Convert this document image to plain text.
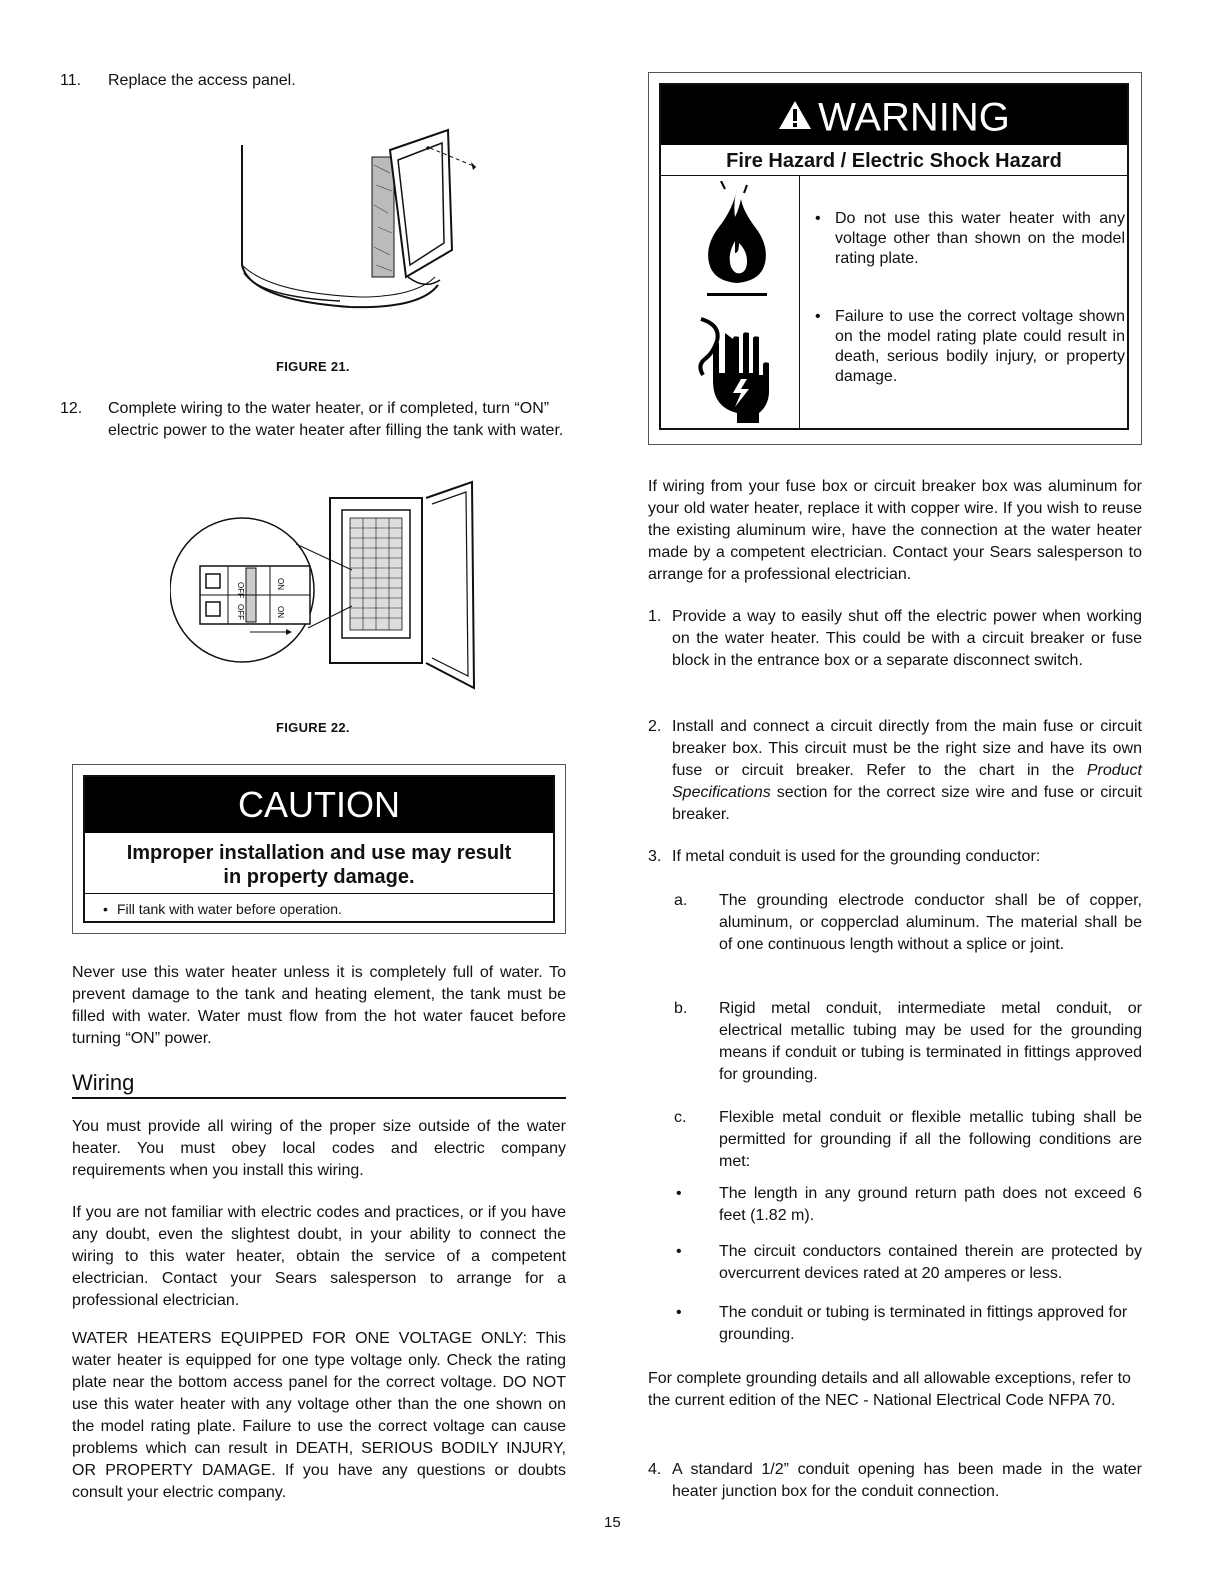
11. Replace the access panel.
FIGURE 21.
12. Complete wiring to the water heater, or if completed, turn “ON” electric power to the water heater after filling the tank with water.
OFF
OFF
ON
ON
FIGURE 22.
CAUTION
Improper installation and use may result
in property damage.
• Fill tank with water before operation.

Never use this water heater unless it is completely full of water. To prevent damage to the tank and heating element, the tank must be filled with water. Water must flow from the hot water faucet before turning “ON” power.

Wiring

You must provide all wiring of the proper size outside of the water heater. You must obey local codes and electric company requirements when you install this wiring.

If you are not familiar with electric codes and practices, or if you have any doubt, even the slightest doubt, in your ability to connect the wiring to this water heater, obtain the service of a competent electrician. Contact your Sears salesperson to arrange for a professional electrician.

WATER HEATERS EQUIPPED FOR ONE VOLTAGE ONLY: This water heater is equipped for one type voltage only. Check the rating plate near the bottom access panel for the correct voltage. DO NOT use this water heater with any voltage other than the one shown on the model rating plate. Failure to use the correct voltage can cause problems which can result in DEATH, SERIOUS BODILY INJURY, OR PROPERTY DAMAGE. If you have any questions or doubts consult your electric company.

WARNING
Fire Hazard / Electric Shock Hazard
• Do not use this water heater with any voltage other than shown on the model rating plate.

• Failure to use the correct voltage shown on the model rating plate could result in death, serious bodily injury, or property damage.

If wiring from your fuse box or circuit breaker box was aluminum for your old water heater, replace it with copper wire. If you wish to reuse the existing aluminum wire, have the connection at the water heater made by a competent electrician. Contact your Sears salesperson to arrange for a professional electrician.

1. Provide a way to easily shut off the electric power when working on the water heater. This could be with a circuit breaker or fuse block in the entrance box or a separate disconnect switch.
2. Install and connect a circuit directly from the main fuse or circuit breaker box. This circuit must be the right size and have its own fuse or circuit breaker. Refer to the chart in the Product Specifications section for the correct size wire and fuse or circuit breaker.
3. If metal conduit is used for the grounding conductor:
a. The grounding electrode conductor shall be of copper, aluminum, or copperclad aluminum. The material shall be of one continuous length without a splice or joint.
b. Rigid metal conduit, intermediate metal conduit, or electrical metallic tubing may be used for the grounding means if conduit or tubing is terminated in fittings approved for grounding.
c. Flexible metal conduit or flexible metallic tubing shall be permitted for grounding if all the following conditions are met:
• The length in any ground return path does not exceed 6 feet (1.82 m).
• The circuit conductors contained therein are protected by overcurrent devices rated at 20 amperes or less.
• The conduit or tubing is terminated in fittings approved for grounding.

For complete grounding details and all allowable exceptions, refer to the current edition of the NEC - National Electrical Code NFPA 70.

4. A standard 1/2” conduit opening has been made in the water heater junction box for the conduit connection.
15
